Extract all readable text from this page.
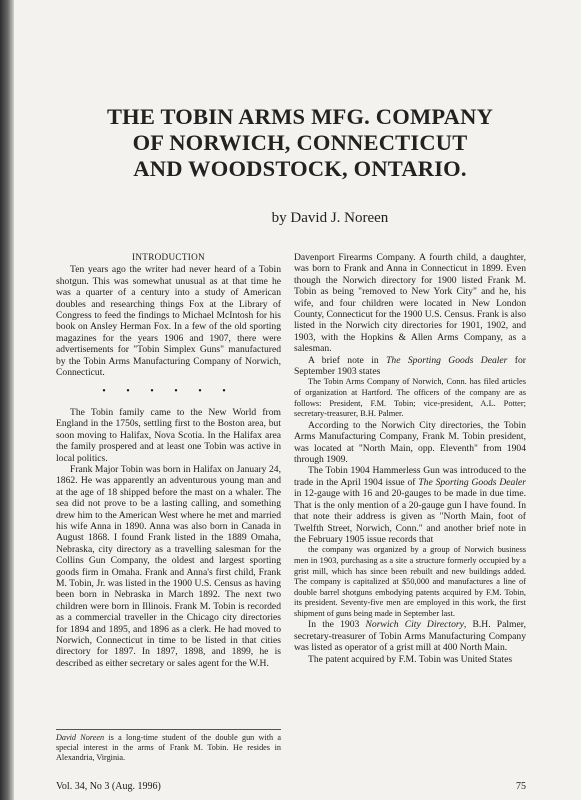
THE TOBIN ARMS MFG. COMPANY
OF NORWICH, CONNECTICUT
AND WOODSTOCK, ONTARIO.
by David J. Noreen
INTRODUCTION

Ten years ago the writer had never heard of a Tobin shotgun. This was somewhat unusual as at that time he was a quarter of a century into a study of American doubles and researching things Fox at the Library of Congress to feed the findings to Michael McIntosh for his book on Ansley Herman Fox. In a few of the old sporting magazines for the years 1906 and 1907, there were advertisements for "Tobin Simplex Guns" manufactured by the Tobin Arms Manufacturing Company of Norwich, Connecticut.

• • • • • •

The Tobin family came to the New World from England in the 1750s, settling first to the Boston area, but soon moving to Halifax, Nova Scotia. In the Halifax area the family prospered and at least one Tobin was active in local politics.

Frank Major Tobin was born in Halifax on January 24, 1862. He was apparently an adventurous young man and at the age of 18 shipped before the mast on a whaler. The sea did not prove to be a lasting calling, and something drew him to the American West where he met and married his wife Anna in 1890. Anna was also born in Canada in August 1868. I found Frank listed in the 1889 Omaha, Nebraska, city directory as a travelling salesman for the Collins Gun Company, the oldest and largest sporting goods firm in Omaha. Frank and Anna's first child, Frank M. Tobin, Jr. was listed in the 1900 U.S. Census as having been born in Nebraska in March 1892. The next two children were born in Illinois. Frank M. Tobin is recorded as a commercial traveller in the Chicago city directories for 1894 and 1895, and 1896 as a clerk. He had moved to Norwich, Connecticut in time to be listed in that cities directory for 1897. In 1897, 1898, and 1899, he is described as either secretary or sales agent for the W.H.

Davenport Firearms Company. A fourth child, a daughter, was born to Frank and Anna in Connecticut in 1899. Even though the Norwich directory for 1900 listed Frank M. Tobin as being "removed to New York City" and he, his wife, and four children were located in New London County, Connecticut for the 1900 U.S. Census. Frank is also listed in the Norwich city directories for 1901, 1902, and 1903, with the Hopkins & Allen Arms Company, as a salesman.

A brief note in The Sporting Goods Dealer for September 1903 states

The Tobin Arms Company of Norwich, Conn. has filed articles of organization at Hartford. The officers of the company are as follows: President, F.M. Tobin; vice-president, A.L. Potter; secretary-treasurer, B.H. Palmer.

According to the Norwich City directories, the Tobin Arms Manufacturing Company, Frank M. Tobin president, was located at "North Main, opp. Eleventh" from 1904 through 1909.

The Tobin 1904 Hammerless Gun was introduced to the trade in the April 1904 issue of The Sporting Goods Dealer in 12-gauge with 16 and 20-gauges to be made in due time. That is the only mention of a 20-gauge gun I have found. In that note their address is given as "North Main, foot of Twelfth Street, Norwich, Conn." and another brief note in the February 1905 issue records that

the company was organized by a group of Norwich business men in 1903, purchasing as a site a structure formerly occupied by a grist mill, which has since been rebuilt and new buildings added. The company is capitalized at $50,000 and manufactures a line of double barrel shotguns embodying patents acquired by F.M. Tobin, its president. Seventy-five men are employed in this work, the first shipment of guns being made in September last.

In the 1903 Norwich City Directory, B.H. Palmer, secretary-treasurer of Tobin Arms Manufacturing Company was listed as operator of a grist mill at 400 North Main.

The patent acquired by F.M. Tobin was United States

David Noreen is a long-time student of the double gun with a special interest in the arms of Frank M. Tobin. He resides in Alexandria, Virginia.
Vol. 34, No 3 (Aug. 1996)	75
